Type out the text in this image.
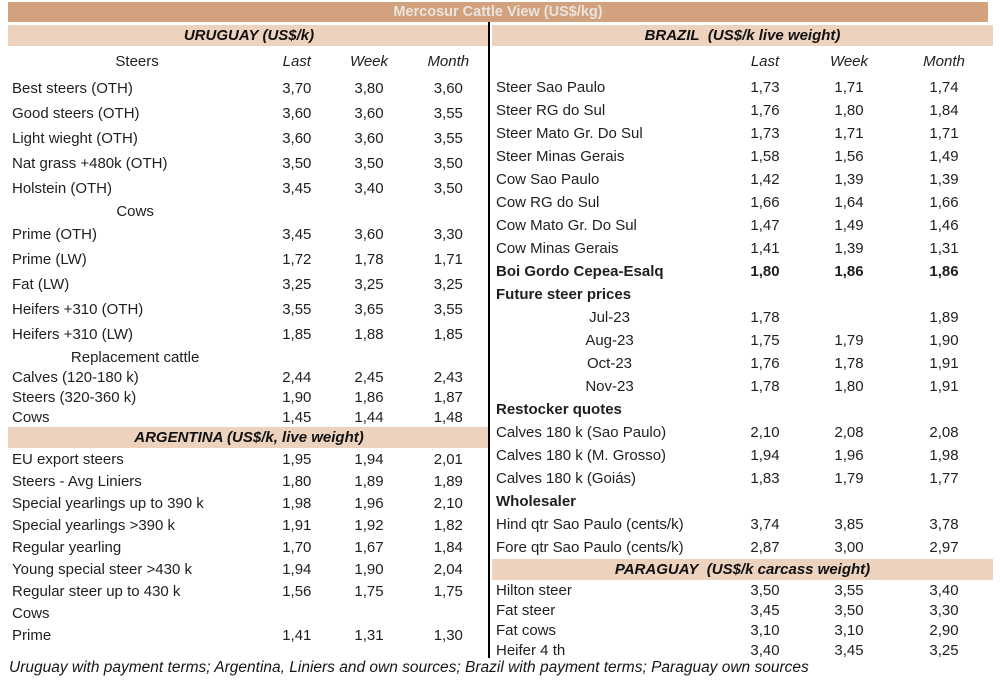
Mercosur Cattle View (US$/kg)
URUGUAY (US$/k)
Steers	Last	Week	Month
Best steers (OTH)	3,70	3,80	3,60
Good steers (OTH)	3,60	3,60	3,55
Light wieght (OTH)	3,60	3,60	3,55
Nat grass +480k (OTH)	3,50	3,50	3,50
Holstein (OTH)	3,45	3,40	3,50
Cows			
Prime (OTH)	3,45	3,60	3,30
Prime (LW)	1,72	1,78	1,71
Fat (LW)	3,25	3,25	3,25
Heifers +310 (OTH)	3,55	3,65	3,55
Heifers +310 (LW)	1,85	1,88	1,85
Replacement cattle			
Calves (120-180 k)	2,44	2,45	2,43
Steers (320-360 k)	1,90	1,86	1,87
Cows	1,45	1,44	1,48
ARGENTINA (US$/k, live weight)
EU export steers	1,95	1,94	2,01
Steers - Avg Liniers	1,80	1,89	1,89
Special yearlings up to 390 k	1,98	1,96	2,10
Special yearlings >390 k	1,91	1,92	1,82
Regular yearling	1,70	1,67	1,84
Young special steer >430 k	1,94	1,90	2,04
Regular steer up to 430 k	1,56	1,75	1,75
Cows			
Prime	1,41	1,31	1,30
BRAZIL  (US$/k live weight)
	Last	Week	Month
Steer Sao Paulo	1,73	1,71	1,74
Steer RG do Sul	1,76	1,80	1,84
Steer Mato Gr. Do Sul	1,73	1,71	1,71
Steer Minas Gerais	1,58	1,56	1,49
Cow Sao Paulo	1,42	1,39	1,39
Cow RG do Sul	1,66	1,64	1,66
Cow Mato Gr. Do Sul	1,47	1,49	1,46
Cow Minas Gerais	1,41	1,39	1,31
Boi Gordo Cepea-Esalq	1,80	1,86	1,86
Future steer prices			
Jul-23	1,78		1,89
Aug-23	1,75	1,79	1,90
Oct-23	1,76	1,78	1,91
Nov-23	1,78	1,80	1,91
Restocker quotes			
Calves 180 k (Sao Paulo)	2,10	2,08	2,08
Calves 180 k (M. Grosso)	1,94	1,96	1,98
Calves 180 k (Goiás)	1,83	1,79	1,77
Wholesaler			
Hind qtr Sao Paulo (cents/k)	3,74	3,85	3,78
Fore qtr Sao Paulo (cents/k)	2,87	3,00	2,97
PARAGUAY  (US$/k carcass weight)
Hilton steer	3,50	3,55	3,40
Fat steer	3,45	3,50	3,30
Fat cows	3,10	3,10	2,90
Heifer 4 th	3,40	3,45	3,25
Uruguay with payment terms; Argentina, Liniers and own sources; Brazil with payment terms; Paraguay own sources
